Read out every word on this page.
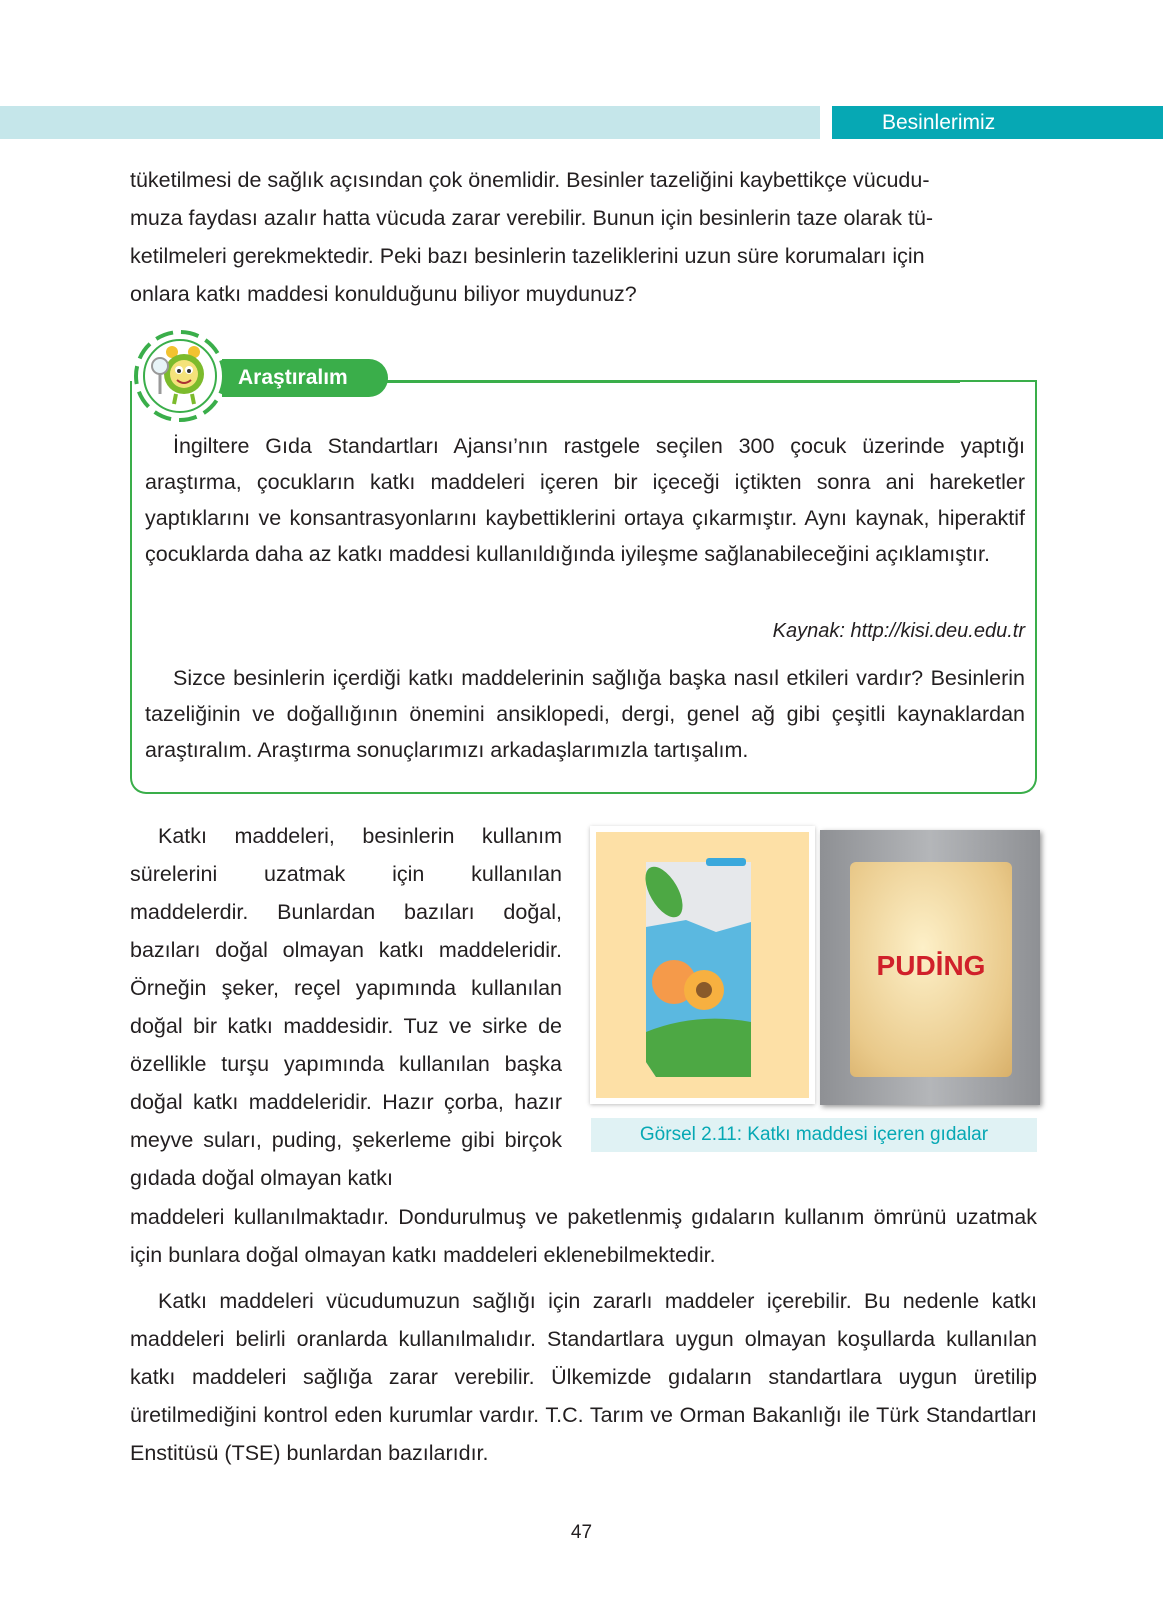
Besinlerimiz
tüketilmesi de sağlık açısından çok önemlidir. Besinler tazeliğini kaybettikçe vücudu-
muza faydası azalır hatta vücuda zarar verebilir. Bunun için besinlerin taze olarak tü-
ketilmeleri gerekmektedir. Peki bazı besinlerin tazeliklerini uzun süre korumaları için
onlara katkı maddesi konulduğunu biliyor muydunuz?
Araştıralım
İngiltere Gıda Standartları Ajansı’nın rastgele seçilen 300 çocuk üzerinde yaptığı araştırma, çocukların katkı maddeleri içeren bir içeceği içtikten sonra ani hareketler yaptıklarını ve konsantrasyonlarını kaybettiklerini ortaya çıkarmıştır. Aynı kaynak, hiperaktif çocuklarda daha az katkı maddesi kullanıldığında iyileşme sağlanabileceğini açıklamıştır.
Kaynak: http://kisi.deu.edu.tr
Sizce besinlerin içerdiği katkı maddelerinin sağlığa başka nasıl etkileri vardır? Besinlerin tazeliğinin ve doğallığının önemini ansiklopedi, dergi, genel ağ gibi çeşitli kaynaklardan araştıralım. Araştırma sonuçlarımızı arkadaşlarımızla tartışalım.
Katkı maddeleri, besinlerin kullanım sürelerini uzatmak için kullanılan maddelerdir. Bunlardan bazıları doğal, bazıları doğal olmayan katkı maddeleridir. Örneğin şeker, reçel yapımında kullanılan doğal bir katkı maddesidir. Tuz ve sirke de özellikle turşu yapımında kullanılan başka doğal katkı maddeleridir. Hazır çorba, hazır meyve suları, puding, şekerleme gibi birçok gıdada doğal olmayan katkı
maddeleri kullanılmaktadır. Dondurulmuş ve paketlenmiş gıdaların kullanım ömrünü uzatmak için bunlara doğal olmayan katkı maddeleri eklenebilmektedir.
PUDİNG
Görsel 2.11: Katkı maddesi içeren gıdalar
Katkı maddeleri vücudumuzun sağlığı için zararlı maddeler içerebilir. Bu nedenle katkı maddeleri belirli oranlarda kullanılmalıdır. Standartlara uygun olmayan koşullarda kullanılan katkı maddeleri sağlığa zarar verebilir. Ülkemizde gıdaların standartlara uygun üretilip üretilmediğini kontrol eden kurumlar vardır. T.C. Tarım ve Orman Bakanlığı ile Türk Standartları Enstitüsü (TSE) bunlardan bazılarıdır.
47
